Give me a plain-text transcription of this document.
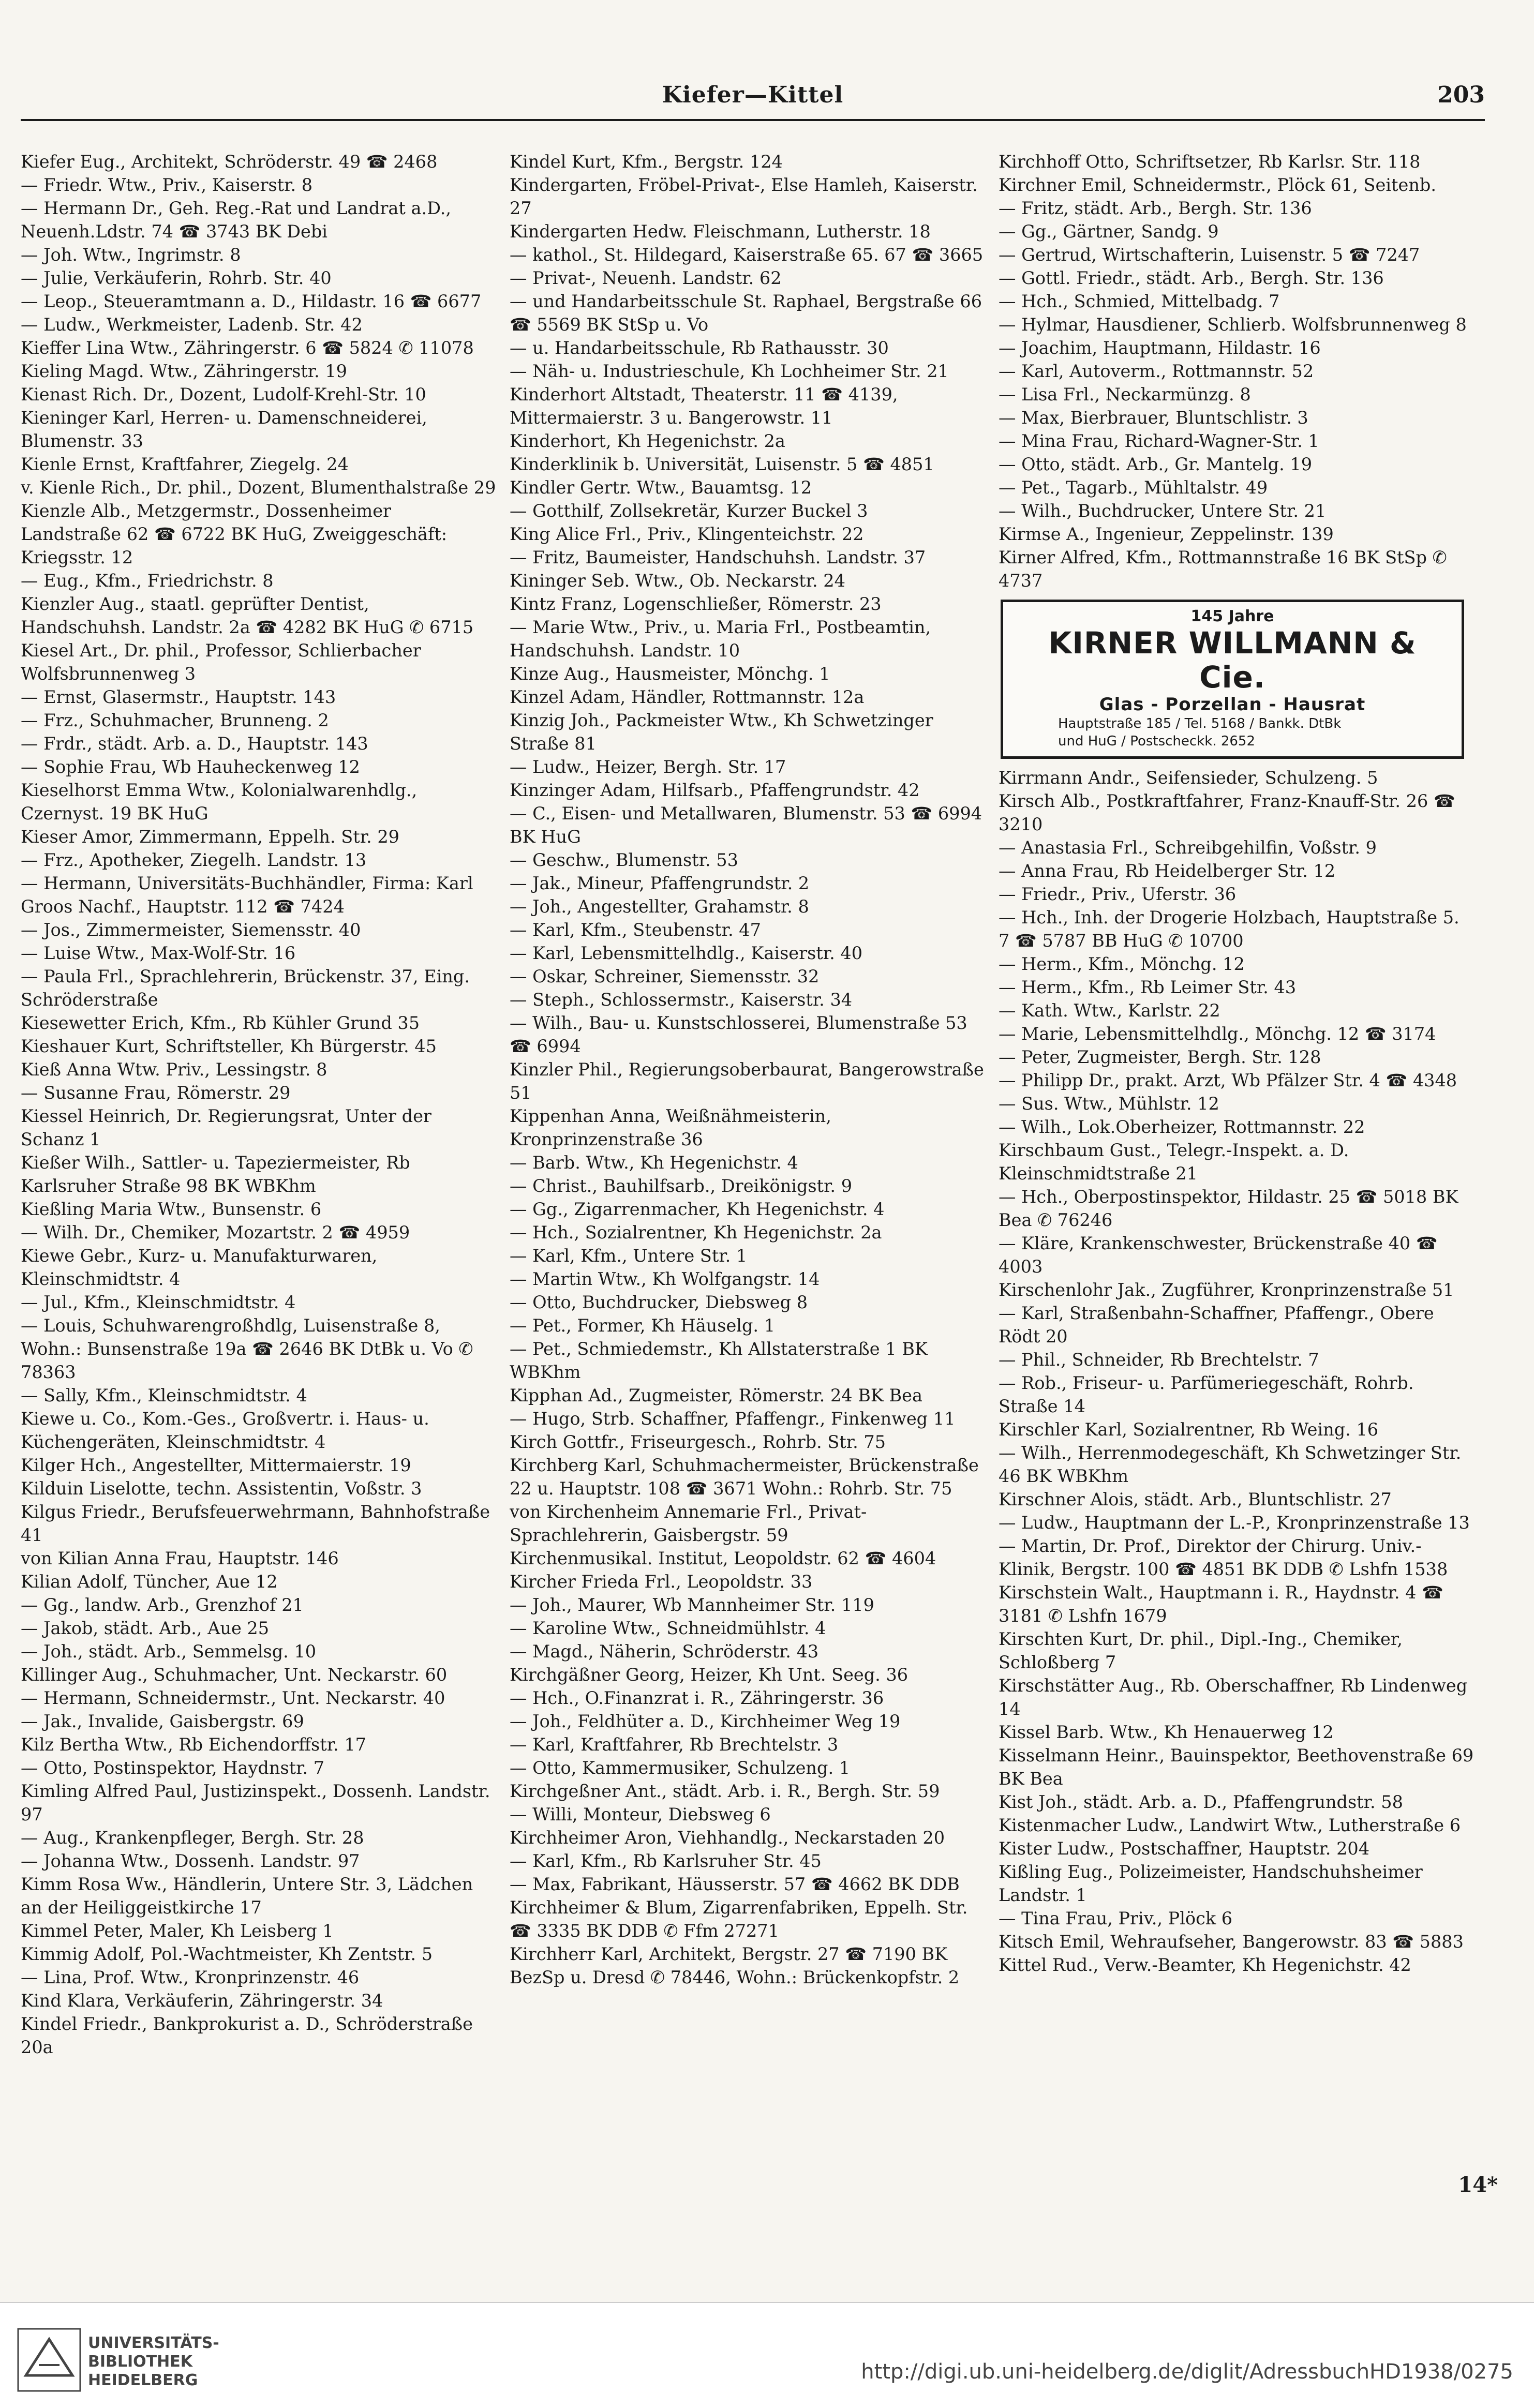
Kiefer—Kittel	203

Kiefer Eug., Architekt, Schröderstr. 49 ☎ 2468

— Friedr. Wtw., Priv., Kaiserstr. 8

— Hermann Dr., Geh. Reg.-Rat und Landrat a.D., Neuenh.Ldstr. 74 ☎ 3743 BK Debi

— Joh. Wtw., Ingrimstr. 8

— Julie, Verkäuferin, Rohrb. Str. 40

— Leop., Steueramtmann a. D., Hildastr. 16 ☎ 6677

— Ludw., Werkmeister, Ladenb. Str. 42

Kieffer Lina Wtw., Zähringerstr. 6 ☎ 5824 ✆ 11078

Kieling Magd. Wtw., Zähringerstr. 19

Kienast Rich. Dr., Dozent, Ludolf-Krehl-Str. 10

Kieninger Karl, Herren- u. Damenschneiderei, Blumenstr. 33

Kienle Ernst, Kraftfahrer, Ziegelg. 24

v. Kienle Rich., Dr. phil., Dozent, Blumenthalstraße 29

Kienzle Alb., Metzgermstr., Dossenheimer Landstraße 62 ☎ 6722 BK HuG, Zweiggeschäft: Kriegsstr. 12

— Eug., Kfm., Friedrichstr. 8

Kienzler Aug., staatl. geprüfter Dentist, Handschuhsh. Landstr. 2a ☎ 4282 BK HuG ✆ 6715

Kiesel Art., Dr. phil., Professor, Schlierbacher Wolfsbrunnenweg 3

— Ernst, Glasermstr., Hauptstr. 143

— Frz., Schuhmacher, Brunneng. 2

— Frdr., städt. Arb. a. D., Hauptstr. 143

— Sophie Frau, Wb Hauheckenweg 12

Kieselhorst Emma Wtw., Kolonialwarenhdlg., Czernyst. 19 BK HuG

Kieser Amor, Zimmermann, Eppelh. Str. 29

— Frz., Apotheker, Ziegelh. Landstr. 13

— Hermann, Universitäts-Buchhändler, Firma: Karl Groos Nachf., Hauptstr. 112 ☎ 7424

— Jos., Zimmermeister, Siemensstr. 40

— Luise Wtw., Max-Wolf-Str. 16

— Paula Frl., Sprachlehrerin, Brückenstr. 37, Eing. Schröderstraße

Kiesewetter Erich, Kfm., Rb Kühler Grund 35

Kieshauer Kurt, Schriftsteller, Kh Bürgerstr. 45

Kieß Anna Wtw. Priv., Lessingstr. 8

— Susanne Frau, Römerstr. 29

Kiessel Heinrich, Dr. Regierungsrat, Unter der Schanz 1

Kießer Wilh., Sattler- u. Tapeziermeister, Rb Karlsruher Straße 98 BK WBKhm

Kießling Maria Wtw., Bunsenstr. 6

— Wilh. Dr., Chemiker, Mozartstr. 2 ☎ 4959

Kiewe Gebr., Kurz- u. Manufakturwaren, Kleinschmidtstr. 4

— Jul., Kfm., Kleinschmidtstr. 4

— Louis, Schuhwarengroßhdlg, Luisenstraße 8, Wohn.: Bunsenstraße 19a ☎ 2646 BK DtBk u. Vo ✆ 78363

— Sally, Kfm., Kleinschmidtstr. 4

Kiewe u. Co., Kom.-Ges., Großvertr. i. Haus- u. Küchengeräten, Kleinschmidtstr. 4

Kilger Hch., Angestellter, Mittermaierstr. 19

Kilduin Liselotte, techn. Assistentin, Voßstr. 3

Kilgus Friedr., Berufsfeuerwehrmann, Bahnhofstraße 41

von Kilian Anna Frau, Hauptstr. 146

Kilian Adolf, Tüncher, Aue 12

— Gg., landw. Arb., Grenzhof 21

— Jakob, städt. Arb., Aue 25

— Joh., städt. Arb., Semmelsg. 10

Killinger Aug., Schuhmacher, Unt. Neckarstr. 60

— Hermann, Schneidermstr., Unt. Neckarstr. 40

— Jak., Invalide, Gaisbergstr. 69

Kilz Bertha Wtw., Rb Eichendorffstr. 17

— Otto, Postinspektor, Haydnstr. 7

Kimling Alfred Paul, Justizinspekt., Dossenh. Landstr. 97

— Aug., Krankenpfleger, Bergh. Str. 28

— Johanna Wtw., Dossenh. Landstr. 97

Kimm Rosa Ww., Händlerin, Untere Str. 3, Lädchen an der Heiliggeistkirche 17

Kimmel Peter, Maler, Kh Leisberg 1

Kimmig Adolf, Pol.-Wachtmeister, Kh Zentstr. 5

— Lina, Prof. Wtw., Kronprinzenstr. 46

Kind Klara, Verkäuferin, Zähringerstr. 34

Kindel Friedr., Bankprokurist a. D., Schröderstraße 20a

Kindel Kurt, Kfm., Bergstr. 124

Kindergarten, Fröbel-Privat-, Else Hamleh, Kaiserstr. 27

Kindergarten Hedw. Fleischmann, Lutherstr. 18

— kathol., St. Hildegard, Kaiserstraße 65. 67 ☎ 3665

— Privat-, Neuenh. Landstr. 62

— und Handarbeitsschule St. Raphael, Bergstraße 66 ☎ 5569 BK StSp u. Vo

— u. Handarbeitsschule, Rb Rathausstr. 30

— Näh- u. Industrieschule, Kh Lochheimer Str. 21

Kinderhort Altstadt, Theaterstr. 11 ☎ 4139, Mittermaierstr. 3 u. Bangerowstr. 11

Kinderhort, Kh Hegenichstr. 2a

Kinderklinik b. Universität, Luisenstr. 5 ☎ 4851

Kindler Gertr. Wtw., Bauamtsg. 12

— Gotthilf, Zollsekretär, Kurzer Buckel 3

King Alice Frl., Priv., Klingenteichstr. 22

— Fritz, Baumeister, Handschuhsh. Landstr. 37

Kininger Seb. Wtw., Ob. Neckarstr. 24

Kintz Franz, Logenschließer, Römerstr. 23

— Marie Wtw., Priv., u. Maria Frl., Postbeamtin, Handschuhsh. Landstr. 10

Kinze Aug., Hausmeister, Mönchg. 1

Kinzel Adam, Händler, Rottmannstr. 12a

Kinzig Joh., Packmeister Wtw., Kh Schwetzinger Straße 81

— Ludw., Heizer, Bergh. Str. 17

Kinzinger Adam, Hilfsarb., Pfaffengrundstr. 42

— C., Eisen- und Metallwaren, Blumenstr. 53 ☎ 6994 BK HuG

— Geschw., Blumenstr. 53

— Jak., Mineur, Pfaffengrundstr. 2

— Joh., Angestellter, Grahamstr. 8

— Karl, Kfm., Steubenstr. 47

— Karl, Lebensmittelhdlg., Kaiserstr. 40

— Oskar, Schreiner, Siemensstr. 32

— Steph., Schlossermstr., Kaiserstr. 34

— Wilh., Bau- u. Kunstschlosserei, Blumenstraße 53 ☎ 6994

Kinzler Phil., Regierungsoberbaurat, Bangerowstraße 51

Kippenhan Anna, Weißnähmeisterin, Kronprinzenstraße 36

— Barb. Wtw., Kh Hegenichstr. 4

— Christ., Bauhilfsarb., Dreikönigstr. 9

— Gg., Zigarrenmacher, Kh Hegenichstr. 4

— Hch., Sozialrentner, Kh Hegenichstr. 2a

— Karl, Kfm., Untere Str. 1

— Martin Wtw., Kh Wolfgangstr. 14

— Otto, Buchdrucker, Diebsweg 8

— Pet., Former, Kh Häuselg. 1

— Pet., Schmiedemstr., Kh Allstaterstraße 1 BK WBKhm

Kipphan Ad., Zugmeister, Römerstr. 24 BK Bea

— Hugo, Strb. Schaffner, Pfaffengr., Finkenweg 11

Kirch Gottfr., Friseurgesch., Rohrb. Str. 75

Kirchberg Karl, Schuhmachermeister, Brückenstraße 22 u. Hauptstr. 108 ☎ 3671 Wohn.: Rohrb. Str. 75

von Kirchenheim Annemarie Frl., Privat-Sprachlehrerin, Gaisbergstr. 59

Kirchenmusikal. Institut, Leopoldstr. 62 ☎ 4604

Kircher Frieda Frl., Leopoldstr. 33

— Joh., Maurer, Wb Mannheimer Str. 119

— Karoline Wtw., Schneidmühlstr. 4

— Magd., Näherin, Schröderstr. 43

Kirchgäßner Georg, Heizer, Kh Unt. Seeg. 36

— Hch., O.Finanzrat i. R., Zähringerstr. 36

— Joh., Feldhüter a. D., Kirchheimer Weg 19

— Karl, Kraftfahrer, Rb Brechtelstr. 3

— Otto, Kammermusiker, Schulzeng. 1

Kirchgeßner Ant., städt. Arb. i. R., Bergh. Str. 59

— Willi, Monteur, Diebsweg 6

Kirchheimer Aron, Viehhandlg., Neckarstaden 20

— Karl, Kfm., Rb Karlsruher Str. 45

— Max, Fabrikant, Häusserstr. 57 ☎ 4662 BK DDB

Kirchheimer & Blum, Zigarrenfabriken, Eppelh. Str. ☎ 3335 BK DDB ✆ Ffm 27271

Kirchherr Karl, Architekt, Bergstr. 27 ☎ 7190 BK BezSp u. Dresd ✆ 78446, Wohn.: Brückenkopfstr. 2

Kirchhoff Otto, Schriftsetzer, Rb Karlsr. Str. 118

Kirchner Emil, Schneidermstr., Plöck 61, Seitenb.

— Fritz, städt. Arb., Bergh. Str. 136

— Gg., Gärtner, Sandg. 9

— Gertrud, Wirtschafterin, Luisenstr. 5 ☎ 7247

— Gottl. Friedr., städt. Arb., Bergh. Str. 136

— Hch., Schmied, Mittelbadg. 7

— Hylmar, Hausdiener, Schlierb. Wolfsbrunnenweg 8

— Joachim, Hauptmann, Hildastr. 16

— Karl, Autoverm., Rottmannstr. 52

— Lisa Frl., Neckarmünzg. 8

— Max, Bierbrauer, Bluntschlistr. 3

— Mina Frau, Richard-Wagner-Str. 1

— Otto, städt. Arb., Gr. Mantelg. 19

— Pet., Tagarb., Mühltalstr. 49

— Wilh., Buchdrucker, Untere Str. 21

Kirmse A., Ingenieur, Zeppelinstr. 139

Kirner Alfred, Kfm., Rottmannstraße 16 BK StSp ✆ 4737

145 Jahre
KIRNER WILLMANN & Cie.
Glas - Porzellan - Hausrat
Hauptstraße 185 / Tel. 5168 / Bankk. DtBk
und HuG / Postscheckk. 2652

Kirrmann Andr., Seifensieder, Schulzeng. 5

Kirsch Alb., Postkraftfahrer, Franz-Knauff-Str. 26 ☎ 3210

— Anastasia Frl., Schreibgehilfin, Voßstr. 9

— Anna Frau, Rb Heidelberger Str. 12

— Friedr., Priv., Uferstr. 36

— Hch., Inh. der Drogerie Holzbach, Hauptstraße 5. 7 ☎ 5787 BB HuG ✆ 10700

— Herm., Kfm., Mönchg. 12

— Herm., Kfm., Rb Leimer Str. 43

— Kath. Wtw., Karlstr. 22

— Marie, Lebensmittelhdlg., Mönchg. 12 ☎ 3174

— Peter, Zugmeister, Bergh. Str. 128

— Philipp Dr., prakt. Arzt, Wb Pfälzer Str. 4 ☎ 4348

— Sus. Wtw., Mühlstr. 12

— Wilh., Lok.Oberheizer, Rottmannstr. 22

Kirschbaum Gust., Telegr.-Inspekt. a. D. Kleinschmidtstraße 21

— Hch., Oberpostinspektor, Hildastr. 25 ☎ 5018 BK Bea ✆ 76246

— Kläre, Krankenschwester, Brückenstraße 40 ☎ 4003

Kirschenlohr Jak., Zugführer, Kronprinzenstraße 51

— Karl, Straßenbahn-Schaffner, Pfaffengr., Obere Rödt 20

— Phil., Schneider, Rb Brechtelstr. 7

— Rob., Friseur- u. Parfümeriegeschäft, Rohrb. Straße 14

Kirschler Karl, Sozialrentner, Rb Weing. 16

— Wilh., Herrenmodegeschäft, Kh Schwetzinger Str. 46 BK WBKhm

Kirschner Alois, städt. Arb., Bluntschlistr. 27

— Ludw., Hauptmann der L.-P., Kronprinzenstraße 13

— Martin, Dr. Prof., Direktor der Chirurg. Univ.-Klinik, Bergstr. 100 ☎ 4851 BK DDB ✆ Lshfn 1538

Kirschstein Walt., Hauptmann i. R., Haydnstr. 4 ☎ 3181 ✆ Lshfn 1679

Kirschten Kurt, Dr. phil., Dipl.-Ing., Chemiker, Schloßberg 7

Kirschstätter Aug., Rb. Oberschaffner, Rb Lindenweg 14

Kissel Barb. Wtw., Kh Henauerweg 12

Kisselmann Heinr., Bauinspektor, Beethovenstraße 69 BK Bea

Kist Joh., städt. Arb. a. D., Pfaffengrundstr. 58

Kistenmacher Ludw., Landwirt Wtw., Lutherstraße 6

Kister Ludw., Postschaffner, Hauptstr. 204

Kißling Eug., Polizeimeister, Handschuhsheimer Landstr. 1

— Tina Frau, Priv., Plöck 6

Kitsch Emil, Wehraufseher, Bangerowstr. 83 ☎ 5883

Kittel Rud., Verw.-Beamter, Kh Hegenichstr. 42

14*
UNIVERSITÄTS-
BIBLIOTHEK
HEIDELBERG	http://digi.ub.uni-heidelberg.de/diglit/AdressbuchHD1938/0275
